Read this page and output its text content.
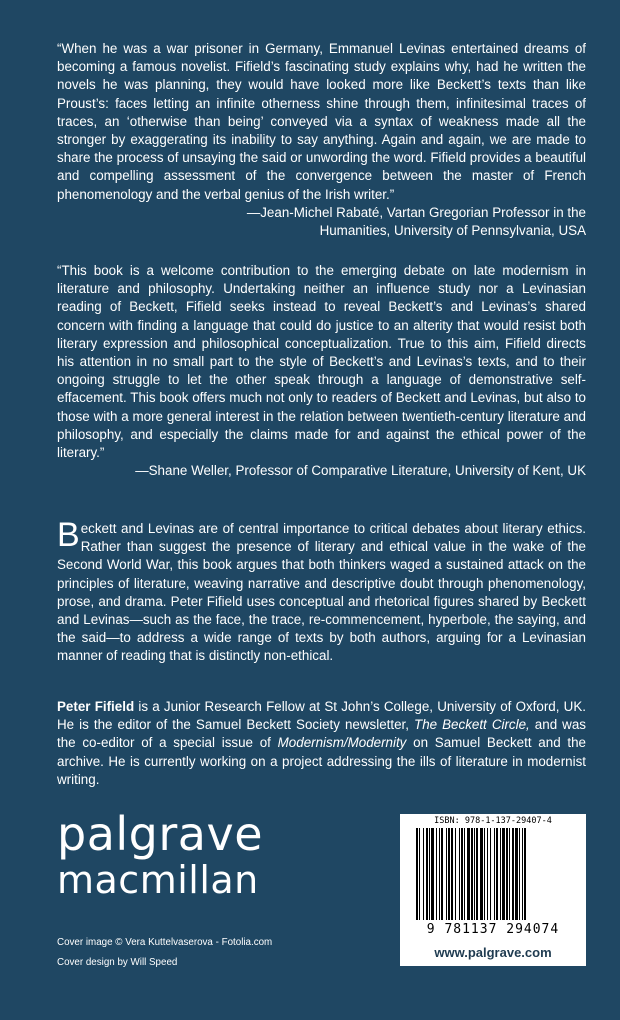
“When he was a war prisoner in Germany, Emmanuel Levinas entertained dreams of becoming a famous novelist. Fifield’s fascinating study explains why, had he written the novels he was planning, they would have looked more like Beckett’s texts than like Proust’s: faces letting an infinite otherness shine through them, infinitesimal traces of traces, an ‘otherwise than being’ conveyed via a syntax of weakness made all the stronger by exaggerating its inability to say anything. Again and again, we are made to share the process of unsaying the said or unwording the word. Fifield provides a beautiful and compelling assessment of the convergence between the master of French phenomenology and the verbal genius of the Irish writer.”

—Jean-Michel Rabaté, Vartan Gregorian Professor in the
Humanities, University of Pennsylvania, USA

“This book is a welcome contribution to the emerging debate on late modernism in literature and philosophy. Undertaking neither an influence study nor a Levinasian reading of Beckett, Fifield seeks instead to reveal Beckett’s and Levinas’s shared concern with finding a language that could do justice to an alterity that would resist both literary expression and philosophical conceptualization. True to this aim, Fifield directs his attention in no small part to the style of Beckett’s and Levinas’s texts, and to their ongoing struggle to let the other speak through a language of demonstrative self-effacement. This book offers much not only to readers of Beckett and Levinas, but also to those with a more general interest in the relation between twentieth-century literature and philosophy, and especially the claims made for and against the ethical power of the literary.”

—Shane Weller, Professor of Comparative Literature, University of Kent, UK

Beckett and Levinas are of central importance to critical debates about literary ethics. Rather than suggest the presence of literary and ethical value in the wake of the Second World War, this book argues that both thinkers waged a sustained attack on the principles of literature, weaving narrative and descriptive doubt through phenomenology, prose, and drama. Peter Fifield uses conceptual and rhetorical figures shared by Beckett and Levinas—such as the face, the trace, re-commencement, hyperbole, the saying, and the said—to address a wide range of texts by both authors, arguing for a Levinasian manner of reading that is distinctly non-ethical.

Peter Fifield is a Junior Research Fellow at St John’s College, University of Oxford, UK. He is the editor of the Samuel Beckett Society newsletter, The Beckett Circle, and was the co-editor of a special issue of Modernism/Modernity on Samuel Beckett and the archive. He is currently working on a project addressing the ills of literature in modernist writing.

palgrave
macmillan
Cover image © Vera Kuttelvaserova - Fotolia.com
Cover design by Will Speed
ISBN: 978-1-137-29407-4
9 781137 294074
www.palgrave.com
